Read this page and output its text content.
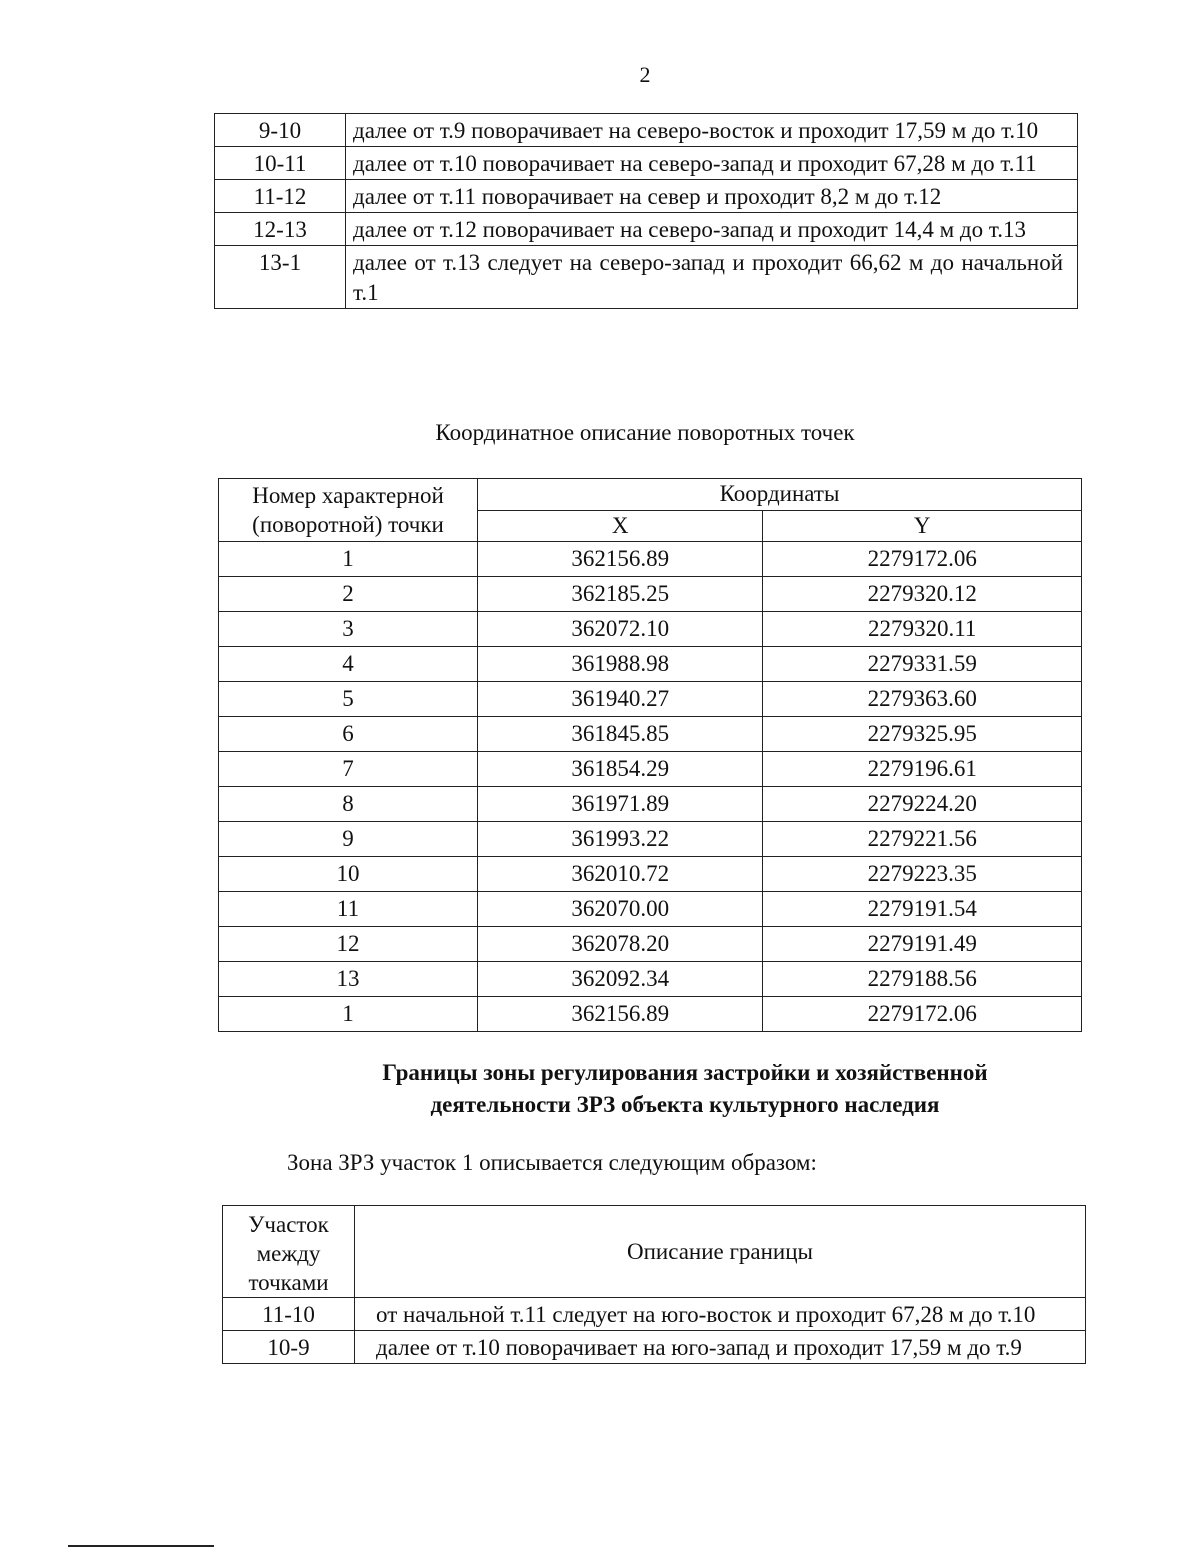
2
9-10	далее от т.9 поворачивает на северо-восток и проходит 17,59 м до т.10
10-11	далее от т.10 поворачивает на северо-запад и проходит 67,28 м до т.11
11-12	далее от т.11 поворачивает на север и проходит 8,2 м до т.12
12-13	далее от т.12 поворачивает на северо-запад и проходит 14,4 м до т.13
13-1	далее от т.13 следует на северо-запад и проходит 66,62 м до начальной т.1
Координатное описание поворотных точек
Номер характерной (поворотной) точки	Координаты	
	X	Y
1	362156.89	2279172.06
2	362185.25	2279320.12
3	362072.10	2279320.11
4	361988.98	2279331.59
5	361940.27	2279363.60
6	361845.85	2279325.95
7	361854.29	2279196.61
8	361971.89	2279224.20
9	361993.22	2279221.56
10	362010.72	2279223.35
11	362070.00	2279191.54
12	362078.20	2279191.49
13	362092.34	2279188.56
1	362156.89	2279172.06
Границы зоны регулирования застройки и хозяйственной
деятельности ЗРЗ объекта культурного наследия
Зона ЗРЗ участок 1 описывается следующим образом:
Участок между точками	Описание границы
11-10	от начальной т.11 следует на юго-восток и проходит 67,28 м до т.10
10-9	далее от т.10 поворачивает на юго-запад и проходит 17,59 м до т.9
